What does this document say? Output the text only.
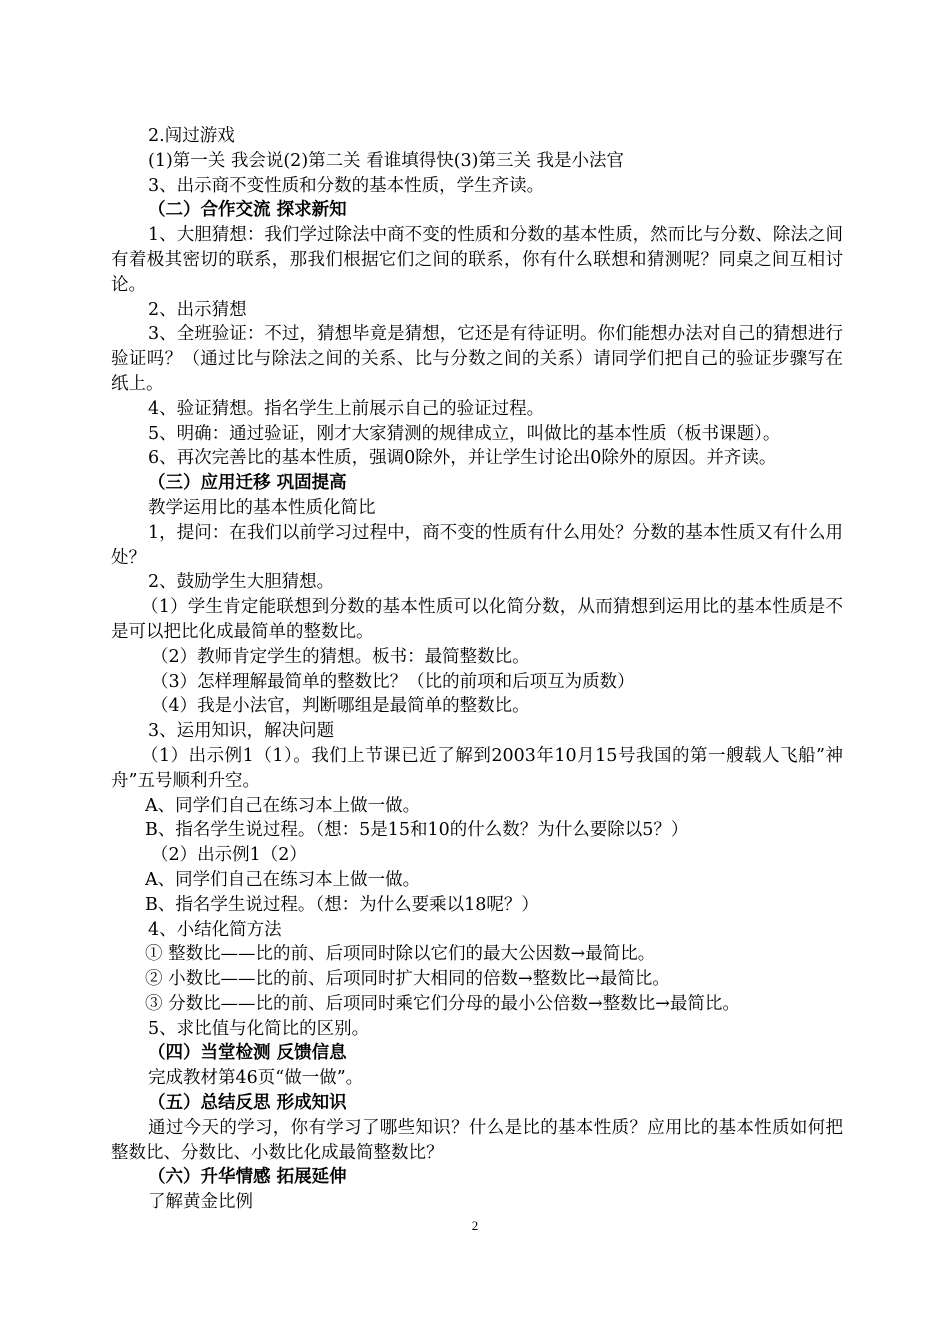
2.闯过游戏

(1)第一关 我会说(2)第二关 看谁填得快(3)第三关 我是小法官

3、出示商不变性质和分数的基本性质，学生齐读。

（二）合作交流 探求新知

1、大胆猜想：我们学过除法中商不变的性质和分数的基本性质，然而比与分数、除法之间有着极其密切的联系，那我们根据它们之间的联系，你有什么联想和猜测呢？同桌之间互相讨论。

2、出示猜想

3、全班验证：不过，猜想毕竟是猜想，它还是有待证明。你们能想办法对自己的猜想进行验证吗？（通过比与除法之间的关系、比与分数之间的关系）请同学们把自己的验证步骤写在纸上。

4、验证猜想。指名学生上前展示自己的验证过程。

5、明确：通过验证，刚才大家猜测的规律成立，叫做比的基本性质（板书课题）。

6、再次完善比的基本性质，强调0除外，并让学生讨论出0除外的原因。并齐读。

（三）应用迁移 巩固提高

教学运用比的基本性质化简比

1，提问：在我们以前学习过程中，商不变的性质有什么用处？分数的基本性质又有什么用处？

2、鼓励学生大胆猜想。

（1）学生肯定能联想到分数的基本性质可以化简分数，从而猜想到运用比的基本性质是不是可以把比化成最简单的整数比。

（2）教师肯定学生的猜想。板书：最简整数比。

（3）怎样理解最简单的整数比？（比的前项和后项互为质数）

（4）我是小法官，判断哪组是最简单的整数比。

3、运用知识，解决问题

（1）出示例1（1）。我们上节课已近了解到2003年10月15号我国的第一艘载人飞船”神舟”五号顺利升空。

A、同学们自己在练习本上做一做。

B、指名学生说过程。（想：5是15和10的什么数？为什么要除以5？）

（2）出示例1（2）

A、同学们自己在练习本上做一做。

B、指名学生说过程。（想：为什么要乘以18呢？）

4、小结化简方法

① 整数比——比的前、后项同时除以它们的最大公因数→最简比。

② 小数比——比的前、后项同时扩大相同的倍数→整数比→最简比。

③ 分数比——比的前、后项同时乘它们分母的最小公倍数→整数比→最简比。

5、求比值与化简比的区别。

（四）当堂检测 反馈信息

完成教材第46页“做一做”。

（五）总结反思 形成知识

通过今天的学习，你有学习了哪些知识？什么是比的基本性质？应用比的基本性质如何把整数比、分数比、小数比化成最简整数比？

（六）升华情感 拓展延伸

了解黄金比例

2
